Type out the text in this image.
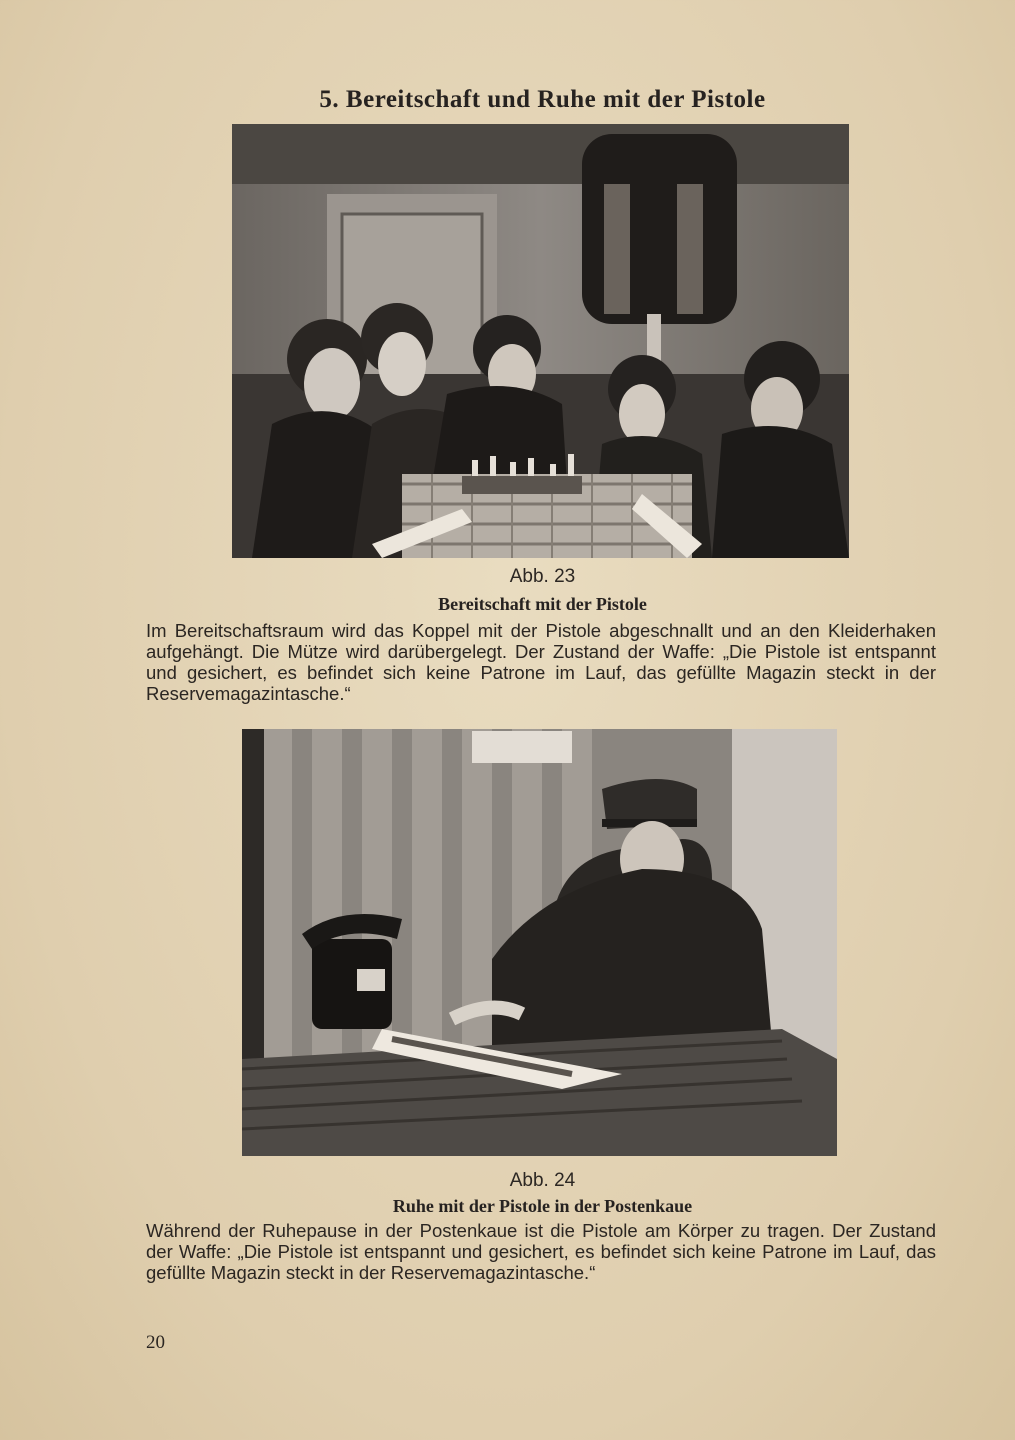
5. Bereitschaft und Ruhe mit der Pistole
Abb. 23
Bereitschaft mit der Pistole

Im Bereitschaftsraum wird das Koppel mit der Pistole abgeschnallt und an den Kleiderhaken aufgehängt. Die Mütze wird darübergelegt. Der Zustand der Waffe: „Die Pistole ist entspannt und gesichert, es befindet sich keine Patrone im Lauf, das gefüllte Magazin steckt in der Reservemagazintasche.“

Abb. 24
Ruhe mit der Pistole in der Postenkaue

Während der Ruhepause in der Postenkaue ist die Pistole am Körper zu tragen. Der Zustand der Waffe: „Die Pistole ist entspannt und gesichert, es befindet sich keine Patrone im Lauf, das gefüllte Magazin steckt in der Reservemagazintasche.“

20
